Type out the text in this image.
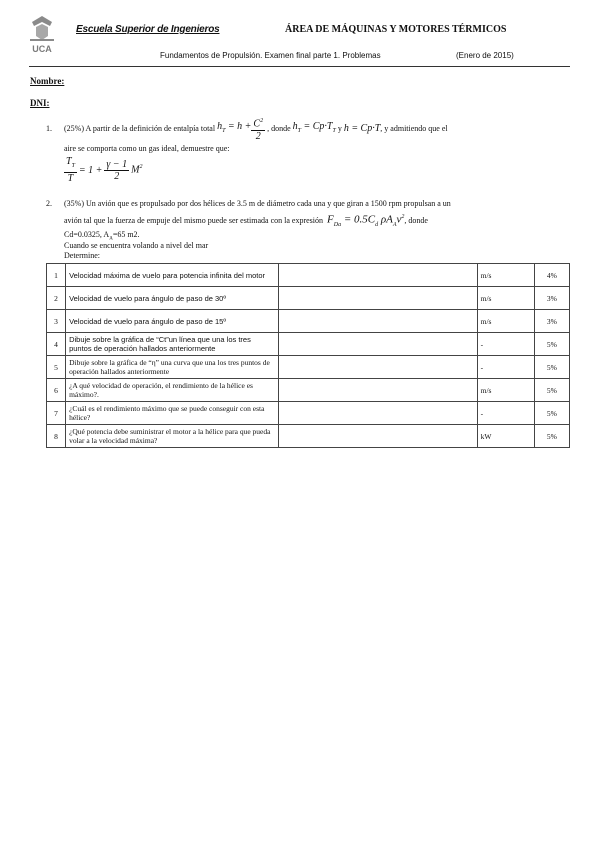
UCA
Escuela Superior de Ingenieros	ÁREA DE MÁQUINAS Y MOTORES TÉRMICOS
Fundamentos de Propulsión. Examen final parte 1. Problemas	(Enero de 2015)
Nombre:
DNI:
1. (25%) A partir de la definición de entalpía total
$h_T = h + \frac{C^2}{2}$
, donde
$h_T = Cp\cdot T_T$
y
h = Cp·T , y admitiendo que el
aire se comporta como un gas ideal, demuestre que:
$\frac{T_T}{T} = 1 + \frac{\gamma - 1}{2} M^2$
2. (35%) Un avión que es propulsado por dos hélices de 3.5 m de diámetro cada una y que giran a 1500 rpm propulsan a un
avión tal que la fuerza de empuje del mismo puede ser estimada con la expresión
$F_{Da} = 0.5C_d$ $\rho A_Av^2$ , donde
Cd=0.0325, $A_A=65$ m2.
Cuando se encuentra volando a nivel del mar
Determine:
1	Velocidad máxima de vuelo para potencia infinita del motor		m/s	4%
2	Velocidad de vuelo para ángulo de paso de 30º		m/s	3%
3	Velocidad de vuelo para ángulo de paso de 15º		m/s	3%
4	Dibuje sobre la gráfica de “Ct”un línea que una los tres puntos de operación hallados anteriormente		-	5%
5	Dibuje sobre la gráfica de “η” una curva que una los tres puntos de operación hallados anteriormente		-	5%
6	¿A qué velocidad de operación, el rendimiento de la hélice es máximo?.		m/s	5%
7	¿Cuál es el rendimiento máximo que se puede conseguir con esta hélice?		-	5%
8	¿Qué potencia debe suministrar el motor a la hélice para que pueda volar a la velocidad máxima?		kW	5%
